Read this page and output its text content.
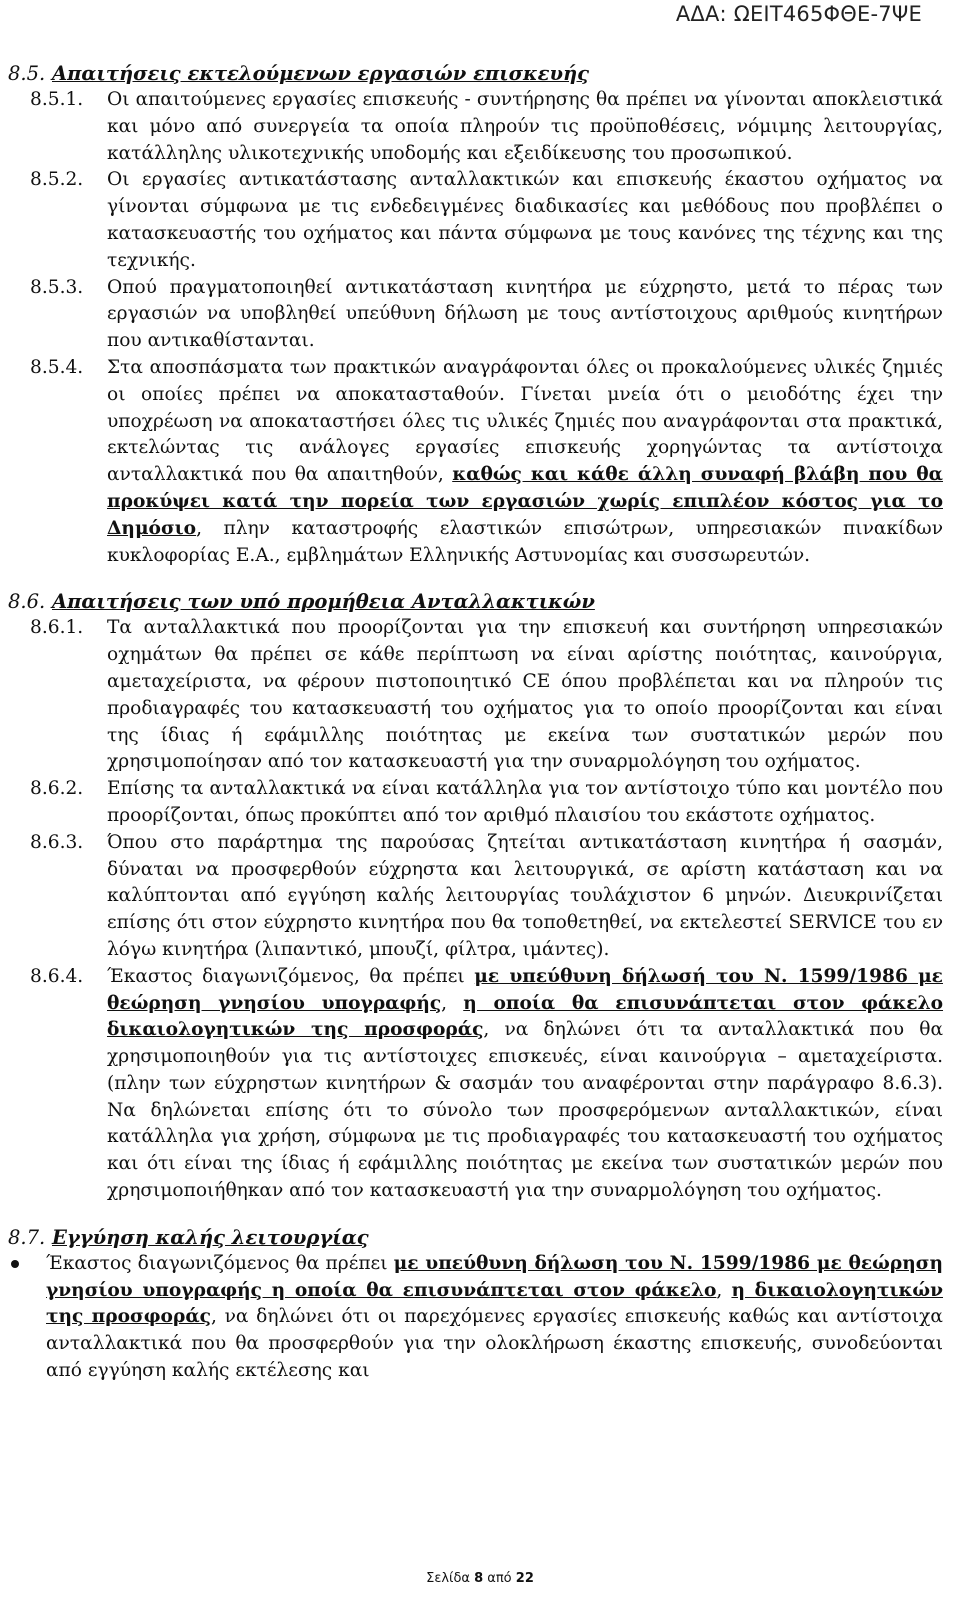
ΑΔΑ: ΩΕΙΤ465ΦΘΕ-7ΨΕ
8.5. Απαιτήσεις εκτελούμενων εργασιών επισκευής
8.5.1. Οι απαιτούμενες εργασίες επισκευής - συντήρησης θα πρέπει να γίνονται αποκλειστικά και μόνο από συνεργεία τα οποία πληρούν τις προϋποθέσεις, νόμιμης λειτουργίας, κατάλληλης υλικοτεχνικής υποδομής και εξειδίκευσης του προσωπικού.

8.5.2. Οι εργασίες αντικατάστασης ανταλλακτικών και επισκευής έκαστου οχήματος να γίνονται σύμφωνα με τις ενδεδειγμένες διαδικασίες και μεθόδους που προβλέπει ο κατασκευαστής του οχήματος και πάντα σύμφωνα με τους κανόνες της τέχνης και της τεχνικής.

8.5.3. Οπού πραγματοποιηθεί αντικατάσταση κινητήρα με εύχρηστο, μετά το πέρας των εργασιών να υποβληθεί υπεύθυνη δήλωση με τους αντίστοιχους αριθμούς κινητήρων που αντικαθίστανται.

8.5.4. Στα αποσπάσματα των πρακτικών αναγράφονται όλες οι προκαλούμενες υλικές ζημιές οι οποίες πρέπει να αποκατασταθούν. Γίνεται μνεία ότι ο μειοδότης έχει την υποχρέωση να αποκαταστήσει όλες τις υλικές ζημιές που αναγράφονται στα πρακτικά, εκτελώντας τις ανάλογες εργασίες επισκευής χορηγώντας τα αντίστοιχα ανταλλακτικά που θα απαιτηθούν, καθώς και κάθε άλλη συναφή βλάβη που θα προκύψει κατά την πορεία των εργασιών χωρίς επιπλέον κόστος για το Δημόσιο, πλην καταστροφής ελαστικών επισώτρων, υπηρεσιακών πινακίδων κυκλοφορίας Ε.Α., εμβλημάτων Ελληνικής Αστυνομίας και συσσωρευτών.

8.6. Απαιτήσεις των υπό προμήθεια Ανταλλακτικών
8.6.1. Τα ανταλλακτικά που προορίζονται για την επισκευή και συντήρηση υπηρεσιακών οχημάτων θα πρέπει σε κάθε περίπτωση να είναι αρίστης ποιότητας, καινούργια, αμεταχείριστα, να φέρουν πιστοποιητικό CE όπου προβλέπεται και να πληρούν τις προδιαγραφές του κατασκευαστή του οχήματος για το οποίο προορίζονται και είναι της ίδιας ή εφάμιλλης ποιότητας με εκείνα των συστατικών μερών που χρησιμοποίησαν από τον κατασκευαστή για την συναρμολόγηση του οχήματος.

8.6.2. Επίσης τα ανταλλακτικά να είναι κατάλληλα για τον αντίστοιχο τύπο και μοντέλο που προορίζονται, όπως προκύπτει από τον αριθμό πλαισίου του εκάστοτε οχήματος.

8.6.3. Όπου στο παράρτημα της παρούσας ζητείται αντικατάσταση κινητήρα ή σασμάν, δύναται να προσφερθούν εύχρηστα και λειτουργικά, σε αρίστη κατάσταση και να καλύπτονται από εγγύηση καλής λειτουργίας τουλάχιστον 6 μηνών. Διευκρινίζεται επίσης ότι στον εύχρηστο κινητήρα που θα τοποθετηθεί, να εκτελεστεί SERVICE του εν λόγω κινητήρα (λιπαντικό, μπουζί, φίλτρα, ιμάντες).

8.6.4. Έκαστος διαγωνιζόμενος, θα πρέπει με υπεύθυνη δήλωσή του Ν. 1599/1986 με θεώρηση γνησίου υπογραφής, η οποία θα επισυνάπτεται στον φάκελο δικαιολογητικών της προσφοράς, να δηλώνει ότι τα ανταλλακτικά που θα χρησιμοποιηθούν για τις αντίστοιχες επισκευές, είναι καινούργια – αμεταχείριστα. (πλην των εύχρηστων κινητήρων & σασμάν του αναφέρονται στην παράγραφο 8.6.3). Να δηλώνεται επίσης ότι το σύνολο των προσφερόμενων ανταλλακτικών, είναι κατάλληλα για χρήση, σύμφωνα με τις προδιαγραφές του κατασκευαστή του οχήματος και ότι είναι της ίδιας ή εφάμιλλης ποιότητας με εκείνα των συστατικών μερών που χρησιμοποιήθηκαν από τον κατασκευαστή για την συναρμολόγηση του οχήματος.

8.7. Εγγύηση καλής λειτουργίας

Έκαστος διαγωνιζόμενος θα πρέπει με υπεύθυνη δήλωση του Ν. 1599/1986 με θεώρηση γνησίου υπογραφής η οποία θα επισυνάπτεται στον φάκελο, η δικαιολογητικών της προσφοράς, να δηλώνει ότι οι παρεχόμενες εργασίες επισκευής καθώς και αντίστοιχα ανταλλακτικά που θα προσφερθούν για την ολοκλήρωση έκαστης επισκευής, συνοδεύονται από εγγύηση καλής εκτέλεσης και

Σελίδα 8 από 22
